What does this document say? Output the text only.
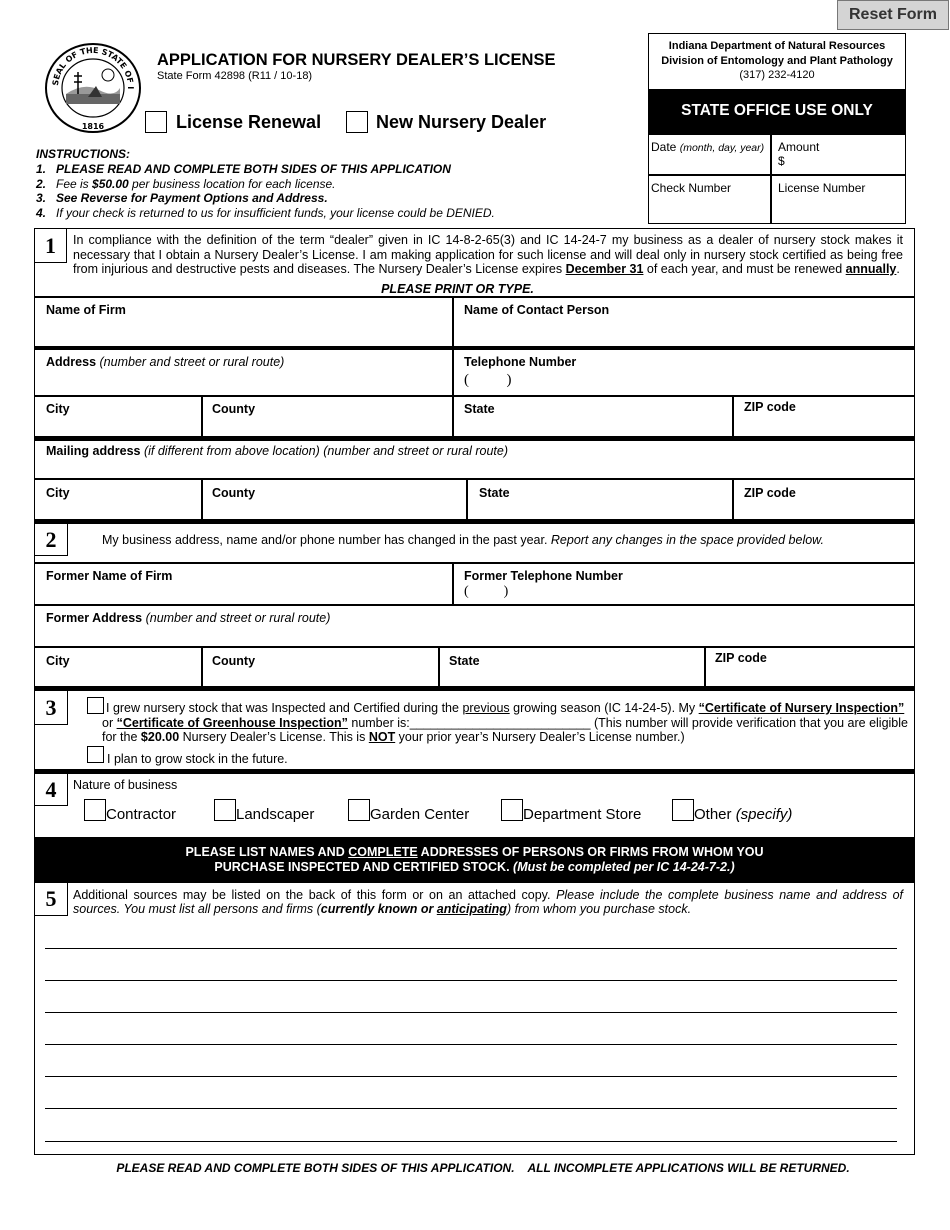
Reset Form
SEAL OF THE STATE OF I
1816
APPLICATION FOR NURSERY DEALER’S LICENSE
State Form 42898 (R11 / 10-18)
License Renewal	New Nursery Dealer
Indiana Department of Natural Resources
Division of Entomology and Plant Pathology
(317) 232-4120
STATE OFFICE USE ONLY
Date (month, day, year) Amount
$
Check Number	License Number
INSTRUCTIONS:
1. PLEASE READ AND COMPLETE BOTH SIDES OF THIS APPLICATION
2. Fee is $50.00 per business location for each license.
3. See Reverse for Payment Options and Address.
4. If your check is returned to us for insufficient funds, your license could be DENIED.
1	In compliance with the definition of the term “dealer” given in IC 14-8-2-65(3) and IC 14-24-7 my business as a dealer of nursery stock makes it necessary that I obtain a Nursery Dealer’s License. I am making application for such license and will deal only in nursery stock certified as being free from injurious and destructive pests and diseases. The Nursery Dealer’s License expires December 31 of each year, and must be renewed annually.
PLEASE PRINT OR TYPE.
Name of Firm	Name of Contact Person
Address (number and street or rural route)	Telephone Number
(          )
City	County	State	ZIP code
Mailing address (if different from above location) (number and street or rural route)
City	County	State	ZIP code
2	My business address, name and/or phone number has changed in the past year. Report any changes in the space provided below.
Former Name of Firm	Former Telephone Number
(          )
Former Address (number and street or rural route)
City	County	State	ZIP code
3	I grew nursery stock that was Inspected and Certified during the previous growing season (IC 14-24-5). My “Certificate of Nursery Inspection”
or “Certificate of Greenhouse Inspection” number is:__________________________ (This number will provide verification that you are eligible
for the $20.00 Nursery Dealer’s License. This is NOT your prior year’s Nursery Dealer’s License number.)
I plan to grow stock in the future.
4	Nature of business
Contractor	Landscaper	Garden Center	Department Store	Other (specify)
PLEASE LIST NAMES AND COMPLETE ADDRESSES OF PERSONS OR FIRMS FROM WHOM YOU
PURCHASE INSPECTED AND CERTIFIED STOCK. (Must be completed per IC 14-24-7-2.)
5	Additional sources may be listed on the back of this form or on an attached copy. Please include the complete business name and address of sources. You must list all persons and firms (currently known or anticipating) from whom you purchase stock.
PLEASE READ AND COMPLETE BOTH SIDES OF THIS APPLICATION.    ALL INCOMPLETE APPLICATIONS WILL BE RETURNED.
